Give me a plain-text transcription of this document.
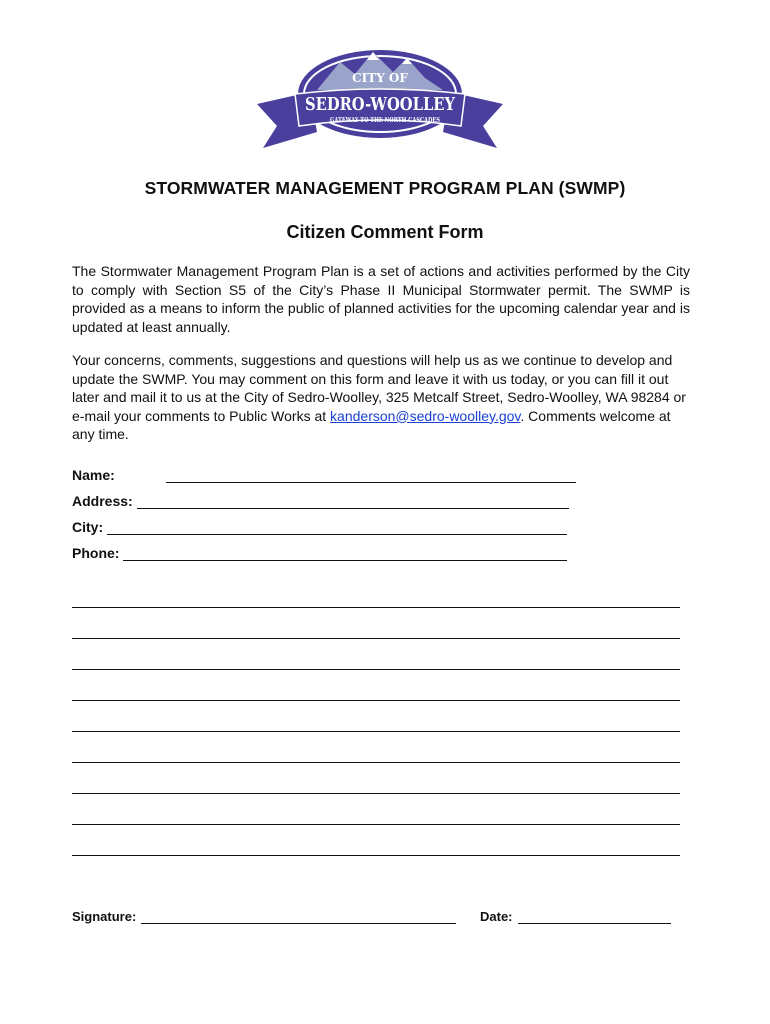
CITY OF
SEDRO-WOOLLEY
GATEWAY TO THE NORTH CASCADES
STORMWATER MANAGEMENT PROGRAM PLAN (SWMP)
Citizen Comment Form

The Stormwater Management Program Plan is a set of actions and activities performed by the City to comply with Section S5 of the City’s Phase II Municipal Stormwater permit. The SWMP is provided as a means to inform the public of planned activities for the upcoming calendar year and is updated at least annually.

Your concerns, comments, suggestions and questions will help us as we continue to develop and update the SWMP. You may comment on this form and leave it with us today, or you can fill it out later and mail it to us at the City of Sedro-Woolley, 325 Metcalf Street, Sedro-Woolley, WA 98284 or e-mail your comments to Public Works at kanderson@sedro-woolley.gov. Comments welcome at any time.

Name:
Address:
City:
Phone:
Signature:	Date:
